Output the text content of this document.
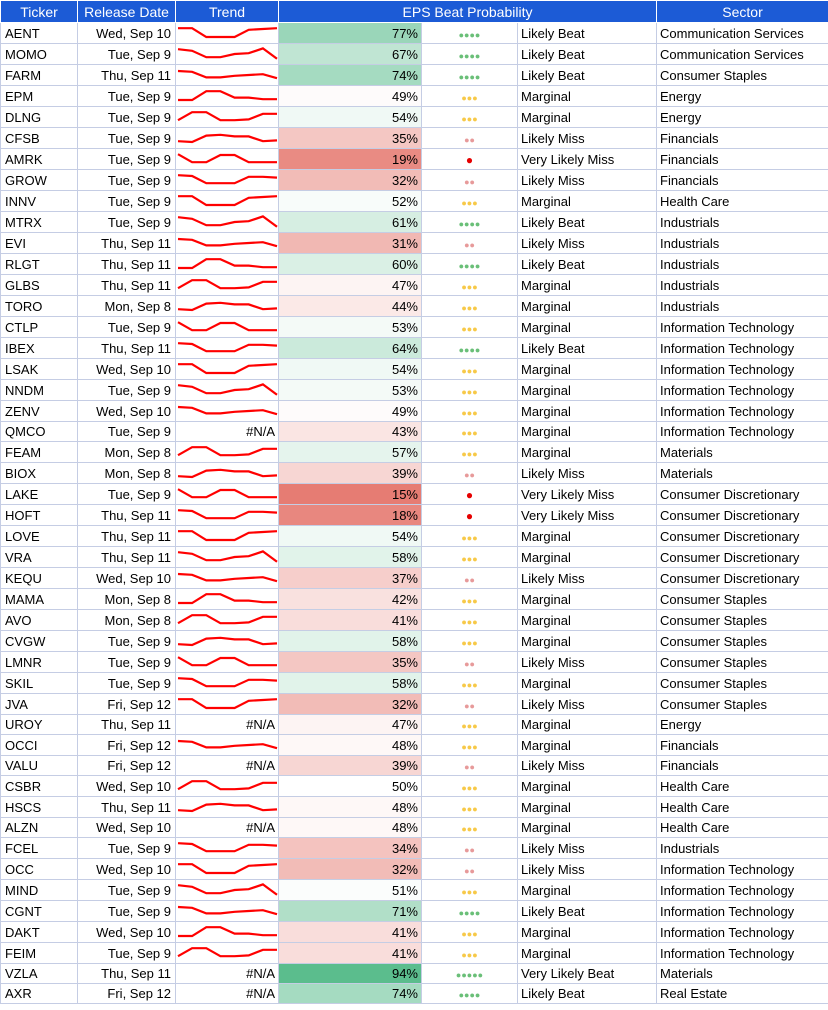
Ticker	Release Date	Trend	EPS Beat Probability			Sector
AENT	Wed, Sep 10		77%	●●●●	Likely Beat	Communication Services
MOMO	Tue, Sep 9		67%	●●●●	Likely Beat	Communication Services
FARM	Thu, Sep 11		74%	●●●●	Likely Beat	Consumer Staples
EPM	Tue, Sep 9		49%	●●●	Marginal	Energy
DLNG	Tue, Sep 9		54%	●●●	Marginal	Energy
CFSB	Tue, Sep 9		35%	●●	Likely Miss	Financials
AMRK	Tue, Sep 9		19%	●	Very Likely Miss	Financials
GROW	Tue, Sep 9		32%	●●	Likely Miss	Financials
INNV	Tue, Sep 9		52%	●●●	Marginal	Health Care
MTRX	Tue, Sep 9		61%	●●●●	Likely Beat	Industrials
EVI	Thu, Sep 11		31%	●●	Likely Miss	Industrials
RLGT	Thu, Sep 11		60%	●●●●	Likely Beat	Industrials
GLBS	Thu, Sep 11		47%	●●●	Marginal	Industrials
TORO	Mon, Sep 8		44%	●●●	Marginal	Industrials
CTLP	Tue, Sep 9		53%	●●●	Marginal	Information Technology
IBEX	Thu, Sep 11		64%	●●●●	Likely Beat	Information Technology
LSAK	Wed, Sep 10		54%	●●●	Marginal	Information Technology
NNDM	Tue, Sep 9		53%	●●●	Marginal	Information Technology
ZENV	Wed, Sep 10		49%	●●●	Marginal	Information Technology
QMCO	Tue, Sep 9	#N/A	43%	●●●	Marginal	Information Technology
FEAM	Mon, Sep 8		57%	●●●	Marginal	Materials
BIOX	Mon, Sep 8		39%	●●	Likely Miss	Materials
LAKE	Tue, Sep 9		15%	●	Very Likely Miss	Consumer Discretionary
HOFT	Thu, Sep 11		18%	●	Very Likely Miss	Consumer Discretionary
LOVE	Thu, Sep 11		54%	●●●	Marginal	Consumer Discretionary
VRA	Thu, Sep 11		58%	●●●	Marginal	Consumer Discretionary
KEQU	Wed, Sep 10		37%	●●	Likely Miss	Consumer Discretionary
MAMA	Mon, Sep 8		42%	●●●	Marginal	Consumer Staples
AVO	Mon, Sep 8		41%	●●●	Marginal	Consumer Staples
CVGW	Tue, Sep 9		58%	●●●	Marginal	Consumer Staples
LMNR	Tue, Sep 9		35%	●●	Likely Miss	Consumer Staples
SKIL	Tue, Sep 9		58%	●●●	Marginal	Consumer Staples
JVA	Fri, Sep 12		32%	●●	Likely Miss	Consumer Staples
UROY	Thu, Sep 11	#N/A	47%	●●●	Marginal	Energy
OCCI	Fri, Sep 12		48%	●●●	Marginal	Financials
VALU	Fri, Sep 12	#N/A	39%	●●	Likely Miss	Financials
CSBR	Wed, Sep 10		50%	●●●	Marginal	Health Care
HSCS	Thu, Sep 11		48%	●●●	Marginal	Health Care
ALZN	Wed, Sep 10	#N/A	48%	●●●	Marginal	Health Care
FCEL	Tue, Sep 9		34%	●●	Likely Miss	Industrials
OCC	Wed, Sep 10		32%	●●	Likely Miss	Information Technology
MIND	Tue, Sep 9		51%	●●●	Marginal	Information Technology
CGNT	Tue, Sep 9		71%	●●●●	Likely Beat	Information Technology
DAKT	Wed, Sep 10		41%	●●●	Marginal	Information Technology
FEIM	Tue, Sep 9		41%	●●●	Marginal	Information Technology
VZLA	Thu, Sep 11	#N/A	94%	●●●●●	Very Likely Beat	Materials
AXR	Fri, Sep 12	#N/A	74%	●●●●	Likely Beat	Real Estate
